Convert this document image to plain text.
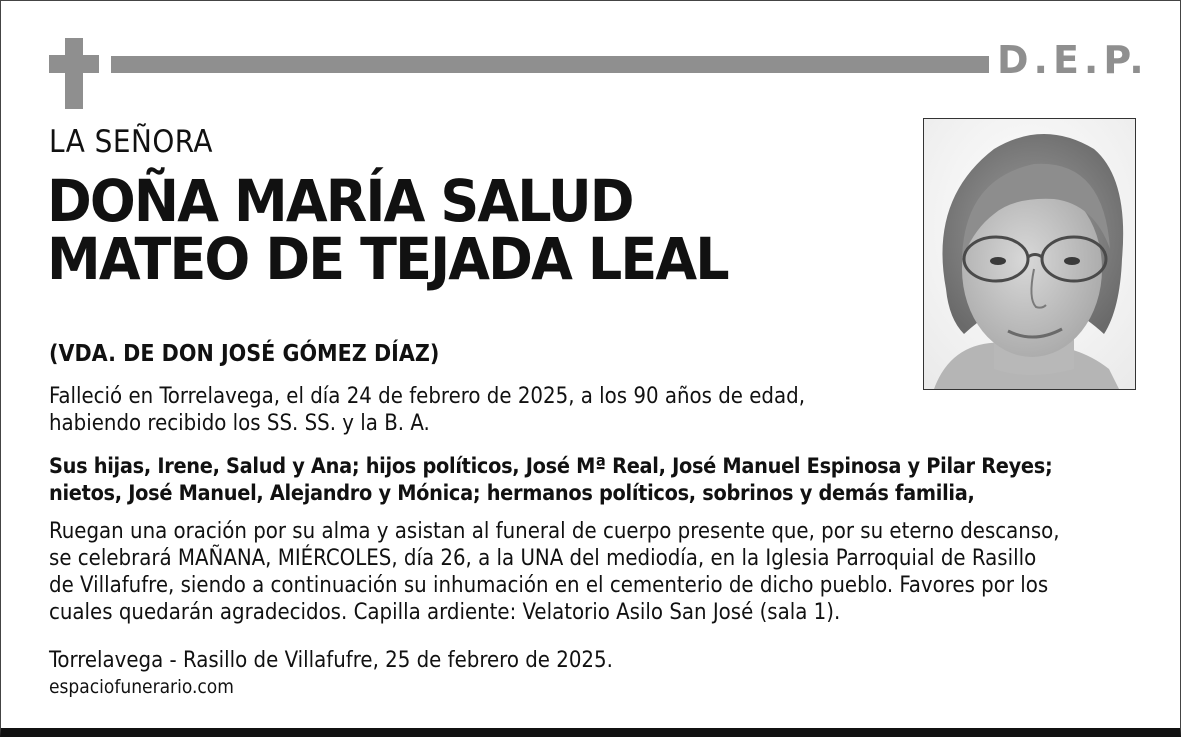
D.E.P.
LA SEÑORA
DOÑA MARÍA SALUD
MATEO DE TEJADA LEAL
(VDA. DE DON JOSÉ GÓMEZ DÍAZ)
Falleció en Torrelavega, el día 24 de febrero de 2025, a los 90 años de edad,
habiendo recibido los SS. SS. y la B. A.
Sus hijas, Irene, Salud y Ana; hijos políticos, José Mª Real, José Manuel Espinosa y Pilar Reyes;
nietos, José Manuel, Alejandro y Mónica; hermanos políticos, sobrinos y demás familia,
Ruegan una oración por su alma y asistan al funeral de cuerpo presente que, por su eterno descanso,
se celebrará MAÑANA, MIÉRCOLES, día 26, a la UNA del mediodía, en la Iglesia Parroquial de Rasillo
de Villafufre, siendo a continuación su inhumación en el cementerio de dicho pueblo. Favores por los
cuales quedarán agradecidos. Capilla ardiente: Velatorio Asilo San José (sala 1).
Torrelavega - Rasillo de Villafufre, 25 de febrero de 2025.
espaciofunerario.com
